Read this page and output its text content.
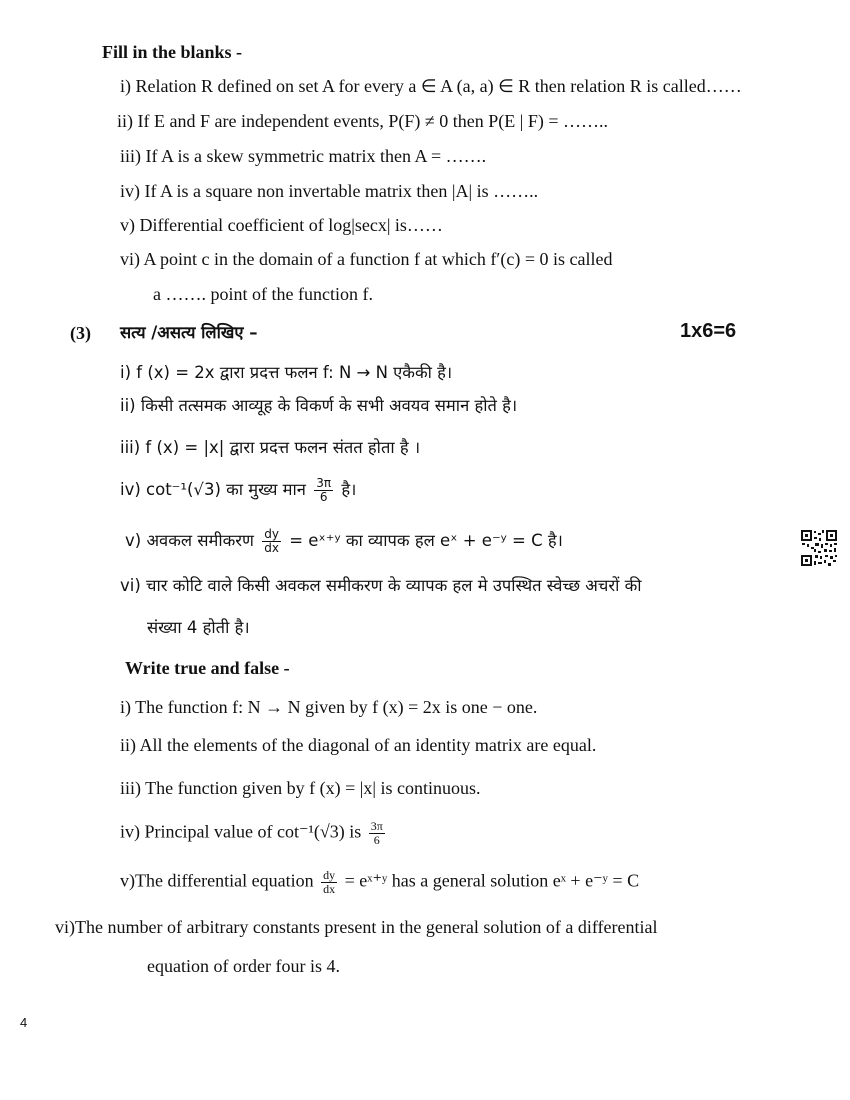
Fill in the blanks -
i) Relation R defined on set A for every a ∈ A (a, a) ∈ R then relation R is called……
ii) If E and F are independent events, P(F) ≠ 0 then P(E | F) = ……..
iii) If A is a skew symmetric matrix then A = …….
iv) If A is a square non invertable matrix then |A| is ……..
v) Differential coefficient of log|secx| is……
vi) A point c in the domain of a function f at which f′(c) = 0 is called
a ……. point of the function f.
(3) सत्य /असत्य लिखिए –	1x6=6
i) f (x) = 2x द्वारा प्रदत्त फलन f: N → N एकैकी है।
ii) किसी तत्समक आव्यूह के विकर्ण के सभी अवयव समान होते है।
iii) f (x) = |x| द्वारा प्रदत्त फलन संतत होता है ।
iv) cot⁻¹(√3) का मुख्य मान $\frac{3\pi}{6}$ है।
v) अवकल समीकरण $\frac{dy}{dx}$ = eˣ⁺ʸ का व्यापक हल eˣ + e⁻ʸ = C है।
vi) चार कोटि वाले किसी अवकल समीकरण के व्यापक हल मे उपस्थित स्वेच्छ अचरों की
संख्या 4 होती है।
Write true and false -
i) The function f: N → N given by f (x) = 2x is one − one.
ii) All the elements of the diagonal of an identity matrix are equal.
iii) The function given by f (x) = |x| is continuous.
iv) Principal value of cot⁻¹(√3) is $\frac{3\pi}{6}$
v)The differential equation $\frac{dy}{dx}$ = eˣ⁺ʸ has a general solution eˣ + e⁻ʸ = C
vi)The number of arbitrary constants present in the general solution of a differential
equation of order four is 4.
4
